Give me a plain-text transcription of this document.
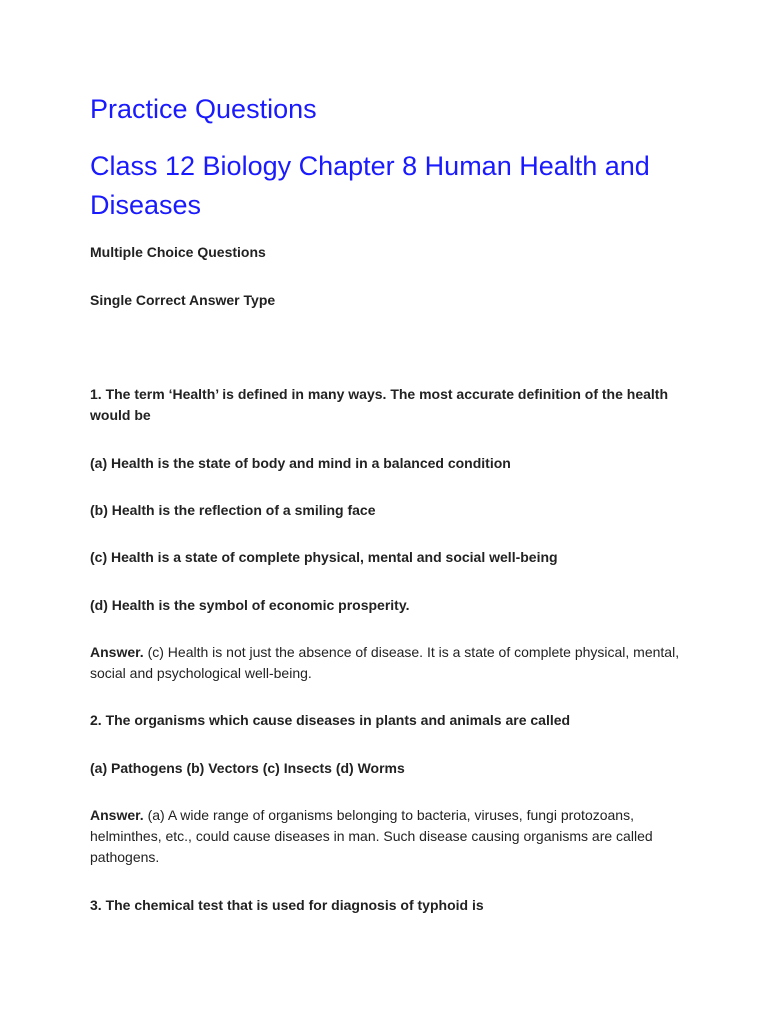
Practice Questions
Class 12 Biology Chapter 8 Human Health and Diseases

Multiple Choice Questions

Single Correct Answer Type

1. The term ‘Health’ is defined in many ways. The most accurate definition of the health would be

(a) Health is the state of body and mind in a balanced condition

(b) Health is the reflection of a smiling face

(c) Health is a state of complete physical, mental and social well-being

(d) Health is the symbol of economic prosperity.

Answer. (c) Health is not just the absence of disease. It is a state of complete physical, mental, social and psychological well-being.

2. The organisms which cause diseases in plants and animals are called

(a) Pathogens (b) Vectors (c) Insects (d) Worms

Answer. (a) A wide range of organisms belonging to bacteria, viruses, fungi protozoans, helminthes, etc., could cause diseases in man. Such disease causing organisms are called pathogens.

3. The chemical test that is used for diagnosis of typhoid is
